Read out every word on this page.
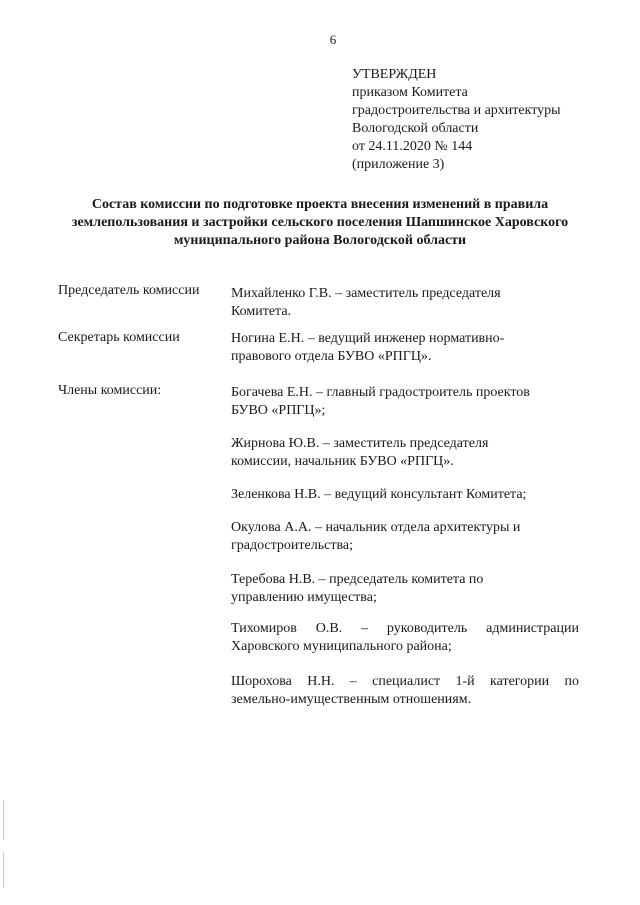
6
УТВЕРЖДЕН
приказом Комитета
градостроительства и архитектуры
Вологодской области
от 24.11.2020 № 144
(приложение 3)
Состав комиссии по подготовке проекта внесения изменений в правила
землепользования и застройки сельского поселения Шапшинское Харовского
муниципального района Вологодской области
Председатель комиссии	Михайленко Г.В. – заместитель председателя
Комитета.
Секретарь комиссии	Ногина Е.Н. – ведущий инженер нормативно-
правового отдела БУВО «РПГЦ».
Члены комиссии:	Богачева Е.Н. – главный градостроитель проектов
БУВО «РПГЦ»;
Жирнова Ю.В. – заместитель председателя
комиссии, начальник БУВО «РПГЦ».
Зеленкова Н.В. – ведущий консультант Комитета;
Окулова А.А. – начальник отдела архитектуры и
градостроительства;
Теребова Н.В. – председатель комитета по
управлению имущества;
Тихомиров О.В. – руководитель администрации
Харовского муниципального района;
Шорохова Н.Н. – специалист 1-й категории по
земельно-имущественным отношениям.
